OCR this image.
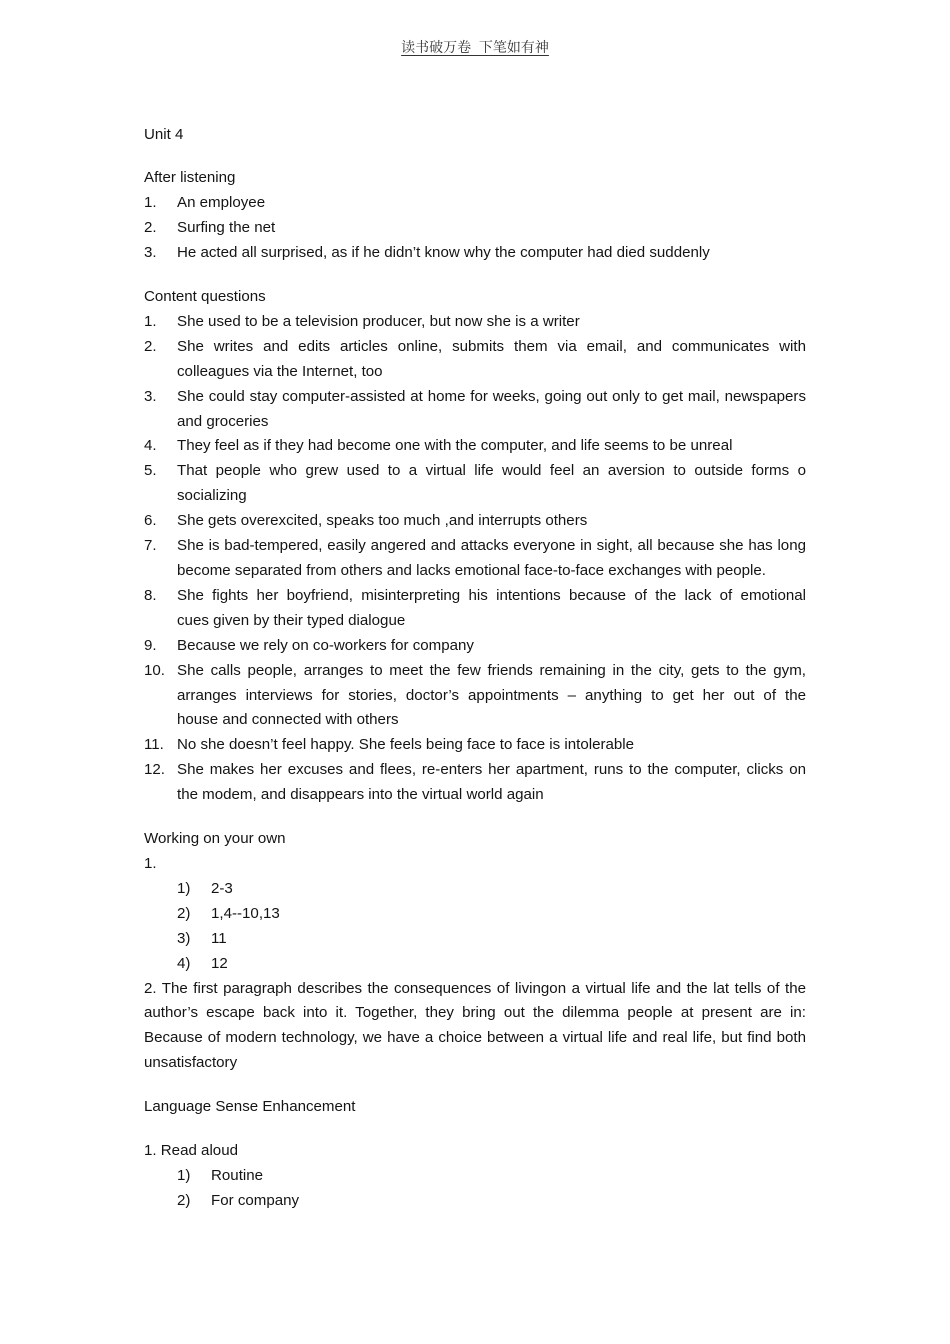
读书破万卷  下笔如有神
Unit 4
After listening
1.	An employee
2.	Surfing the net
3.	He acted all surprised, as if he didn’t know why the computer had died suddenly
Content questions
1.	She used to be a television producer, but now she is a writer
2.	She writes and edits articles online, submits them via email, and communicates with
colleagues via the Internet, too
3.	She could stay computer-assisted at home for weeks, going out only to get mail, newspapers
and groceries
4.	They feel as if they had become one with the computer, and life seems to be unreal
5.	That people who grew used to a virtual life would feel an aversion to outside forms o
socializing
6.	She gets overexcited, speaks too much ,and interrupts others
7.	She is bad-tempered, easily angered and attacks everyone in sight, all because she has long
become separated from others and lacks emotional face-to-face exchanges with people.
8.	She fights her boyfriend, misinterpreting his intentions because of the lack of emotional
cues given by their typed dialogue
9.	Because we rely on co-workers for company
10. She calls people, arranges to meet the few friends remaining in the city, gets to the gym,
arranges interviews for stories, doctor’s appointments – anything to get her out of the
house and connected with others
11. No she doesn’t feel happy. She feels being face to face is intolerable
12. She makes her excuses and flees, re-enters her apartment, runs to the computer, clicks on
the modem, and disappears into the virtual world again
Working on your own
1.
1)	2-3
2)	1,4--10,13
3)	11
4)	12
2. The first paragraph describes the consequences of livingon a virtual life and the lat tells of the
author’s escape back into it. Together, they bring out the dilemma people at present are in:
Because of modern technology, we have a choice between a virtual life and real life, but find both
unsatisfactory
Language Sense Enhancement
1. Read aloud
1)	Routine
2)	For company
